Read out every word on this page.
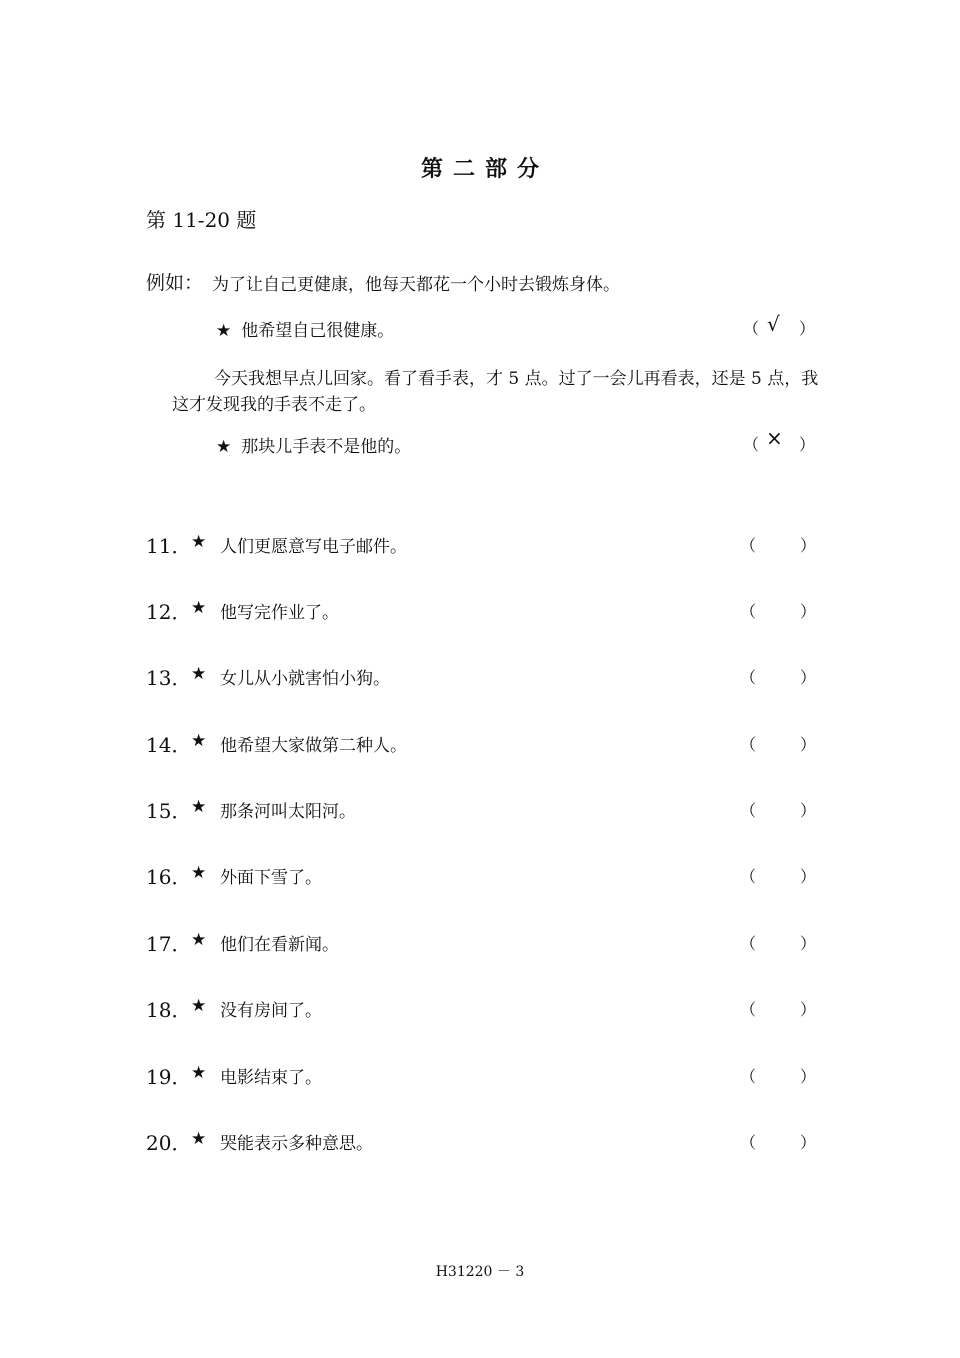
第二部分
第 11-20 题
例如： 为了让自己更健康，他每天都花一个小时去锻炼身体。
★ 他希望自己很健康。	（ √ ）
今天我想早点儿回家。看了看手表，才 5 点。过了一会儿再看表，还是 5 点，我这才发现我的手表不走了。
★ 那块儿手表不是他的。	（ × ）
11． ★ 人们更愿意写电子邮件。	（	）
12． ★ 他写完作业了。	（	）
13． ★ 女儿从小就害怕小狗。	（	）
14． ★ 他希望大家做第二种人。	（	）
15． ★ 那条河叫太阳河。	（	）
16． ★ 外面下雪了。	（	）
17． ★ 他们在看新闻。	（	）
18． ★ 没有房间了。	（	）
19． ★ 电影结束了。	（	）
20． ★ 哭能表示多种意思。	（	）
H31220 － 3
